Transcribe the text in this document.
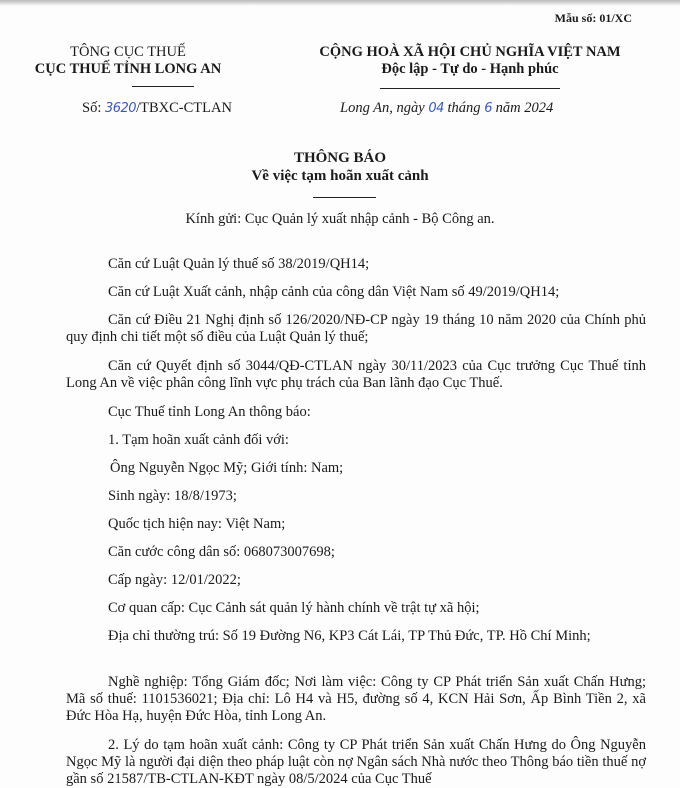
Mẫu số: 01/XC
TÔNG CỤC THUẾ
CỤC THUẾ TỈNH LONG AN
Số: 3620/TBXC-CTLAN
CỘNG HOÀ XÃ HỘI CHỦ NGHĨA VIỆT NAM
Độc lập - Tự do - Hạnh phúc
Long An, ngày 04 tháng 6 năm 2024
THÔNG BÁO
Về việc tạm hoãn xuất cảnh
Kính gửi: Cục Quản lý xuất nhập cảnh - Bộ Công an.

Căn cứ Luật Quản lý thuế số 38/2019/QH14;

Căn cứ Luật Xuất cảnh, nhập cảnh của công dân Việt Nam số 49/2019/QH14;

Căn cứ Điều 21 Nghị định số 126/2020/NĐ-CP ngày 19 tháng 10 năm 2020 của Chính phủ quy định chi tiết một số điều của Luật Quản lý thuế;

Căn cứ Quyết định số 3044/QĐ-CTLAN ngày 30/11/2023 của Cục trưởng Cục Thuế tỉnh Long An về việc phân công lĩnh vực phụ trách của Ban lãnh đạo Cục Thuế.

Cục Thuế tỉnh Long An thông báo:

1. Tạm hoãn xuất cảnh đối với:

Ông Nguyễn Ngọc Mỹ; Giới tính: Nam;

Sinh ngày: 18/8/1973;

Quốc tịch hiện nay: Việt Nam;

Căn cước công dân số: 068073007698;

Cấp ngày: 12/01/2022;

Cơ quan cấp: Cục Cảnh sát quản lý hành chính về trật tự xã hội;

Địa chỉ thường trú: Số 19 Đường N6, KP3 Cát Lái, TP Thủ Đức, TP. Hồ Chí Minh;

Nghề nghiệp: Tổng Giám đốc; Nơi làm việc: Công ty CP Phát triển Sản xuất Chấn Hưng; Mã số thuế: 1101536021; Địa chỉ: Lô H4 và H5, đường số 4, KCN Hải Sơn, Ấp Bình Tiền 2, xã Đức Hòa Hạ, huyện Đức Hòa, tỉnh Long An.

2. Lý do tạm hoãn xuất cảnh: Công ty CP Phát triển Sản xuất Chấn Hưng do Ông Nguyễn Ngọc Mỹ là người đại diện theo pháp luật còn nợ Ngân sách Nhà nước theo Thông báo tiền thuế nợ gần số 21587/TB-CTLAN-KĐT ngày 08/5/2024 của Cục Thuế
